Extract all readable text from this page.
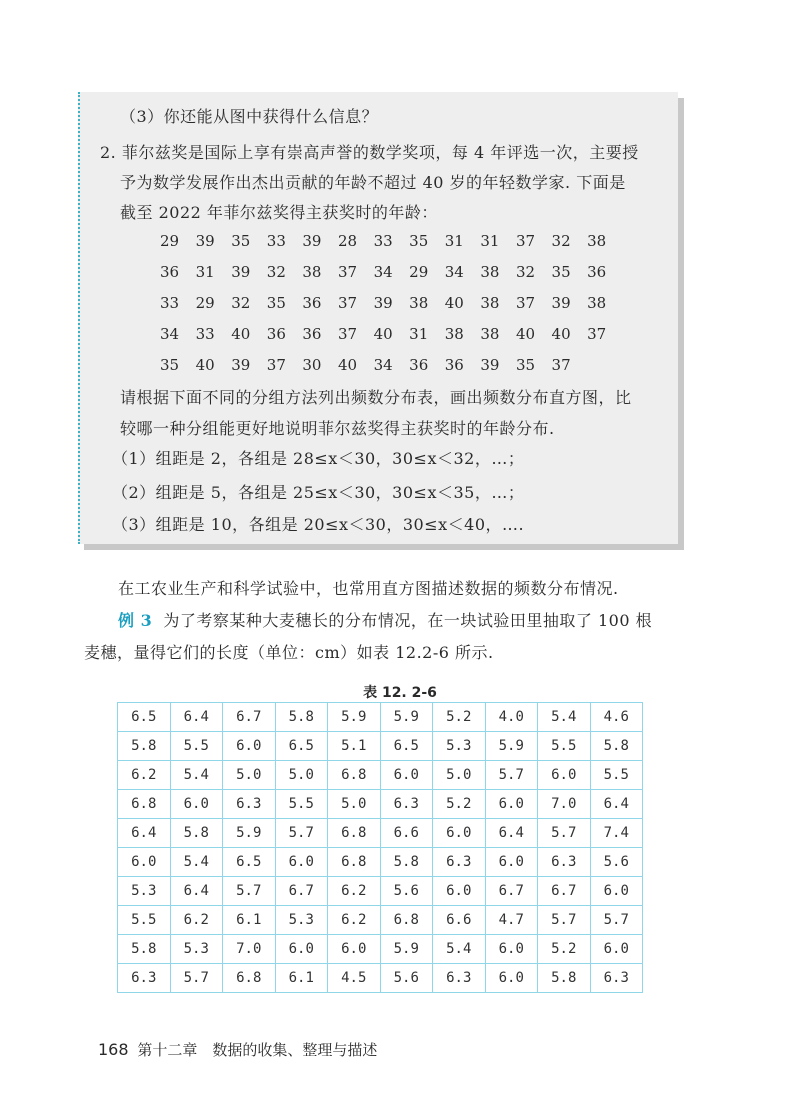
（3）你还能从图中获得什么信息？
2. 菲尔兹奖是国际上享有崇高声誉的数学奖项，每 4 年评选一次，主要授
予为数学发展作出杰出贡献的年龄不超过 40 岁的年轻数学家. 下面是
截至 2022 年菲尔兹奖得主获奖时的年龄：
29 39 35 33 39 28 33 35 31 31 37 32 38
36 31 39 32 38 37 34 29 34 38 32 35 36
33 29 32 35 36 37 39 38 40 38 37 39 38
34 33 40 36 36 37 40 31 38 38 40 40 37
35 40 39 37 30 40 34 36 36 39 35 37
请根据下面不同的分组方法列出频数分布表，画出频数分布直方图，比
较哪一种分组能更好地说明菲尔兹奖得主获奖时的年龄分布.
（1）组距是 2，各组是 28≤x＜30，30≤x＜32，…；
（2）组距是 5，各组是 25≤x＜30，30≤x＜35，…；
（3）组距是 10，各组是 20≤x＜30，30≤x＜40，….
在工农业生产和科学试验中，也常用直方图描述数据的频数分布情况.
例 3 为了考察某种大麦穗长的分布情况，在一块试验田里抽取了 100 根
麦穗，量得它们的长度（单位：cm）如表 12.2-6 所示.
表 12. 2-6
6.5	6.4	6.7	5.8	5.9	5.9	5.2	4.0	5.4	4.6
5.8	5.5	6.0	6.5	5.1	6.5	5.3	5.9	5.5	5.8
6.2	5.4	5.0	5.0	6.8	6.0	5.0	5.7	6.0	5.5
6.8	6.0	6.3	5.5	5.0	6.3	5.2	6.0	7.0	6.4
6.4	5.8	5.9	5.7	6.8	6.6	6.0	6.4	5.7	7.4
6.0	5.4	6.5	6.0	6.8	5.8	6.3	6.0	6.3	5.6
5.3	6.4	5.7	6.7	6.2	5.6	6.0	6.7	6.7	6.0
5.5	6.2	6.1	5.3	6.2	6.8	6.6	4.7	5.7	5.7
5.8	5.3	7.0	6.0	6.0	5.9	5.4	6.0	5.2	6.0
6.3	5.7	6.8	6.1	4.5	5.6	6.3	6.0	5.8	6.3
168 第十二章　数据的收集、整理与描述
